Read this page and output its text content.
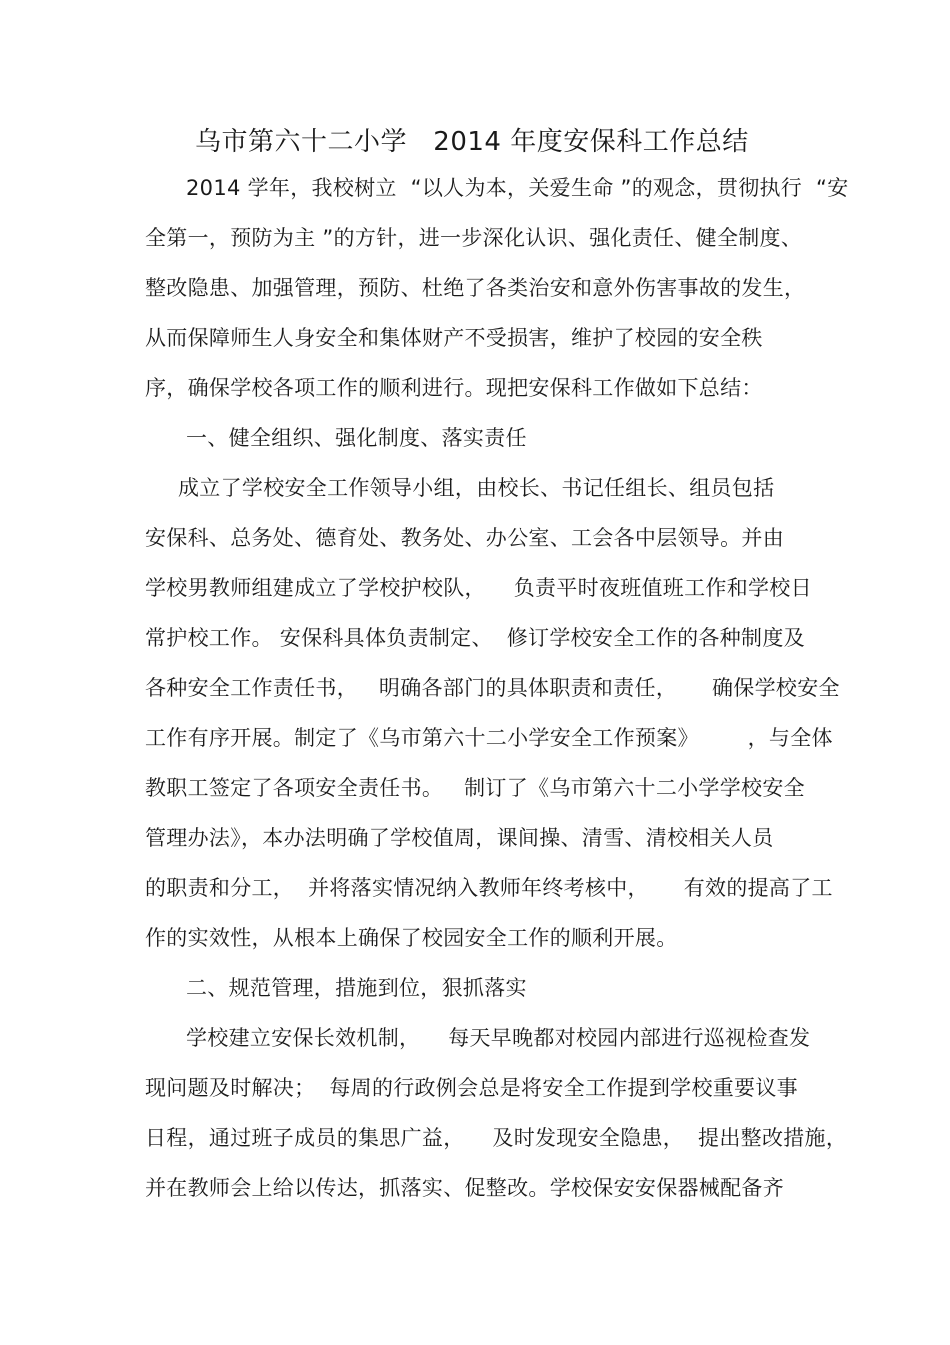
乌市第六十二小学   2014 年度安保科工作总结
2014 学年，我校树立  “以人为本，关爱生命 ”的观念，贯彻执行  “安
全第一，预防为主 ”的方针，进一步深化认识、强化责任、健全制度、
整改隐患、加强管理，预防、杜绝了各类治安和意外伤害事故的发生，
从而保障师生人身安全和集体财产不受损害，维护了校园的安全秩
序，确保学校各项工作的顺利进行。现把安保科工作做如下总结：
一、健全组织、强化制度、落实责任
成立了学校安全工作领导小组，由校长、书记任组长、组员包括
安保科、总务处、德育处、教务处、办公室、工会各中层领导。并由
学校男教师组建成立了学校护校队，    负责平时夜班值班工作和学校日
常护校工作。 安保科具体负责制定、  修订学校安全工作的各种制度及
各种安全工作责任书，   明确各部门的具体职责和责任，     确保学校安全
工作有序开展。制定了《乌市第六十二小学安全工作预案》       ，与全体
教职工签定了各项安全责任书。   制订了《乌市第六十二小学学校安全
管理办法》，本办法明确了学校值周，课间操、清雪、清校相关人员
的职责和分工，  并将落实情况纳入教师年终考核中，     有效的提高了工
作的实效性，从根本上确保了校园安全工作的顺利开展。
二、规范管理，措施到位，狠抓落实
学校建立安保长效机制，    每天早晚都对校园内部进行巡视检查发
现问题及时解决；  每周的行政例会总是将安全工作提到学校重要议事
日程，通过班子成员的集思广益，    及时发现安全隐患，  提出整改措施，
并在教师会上给以传达，抓落实、促整改。学校保安安保器械配备齐
